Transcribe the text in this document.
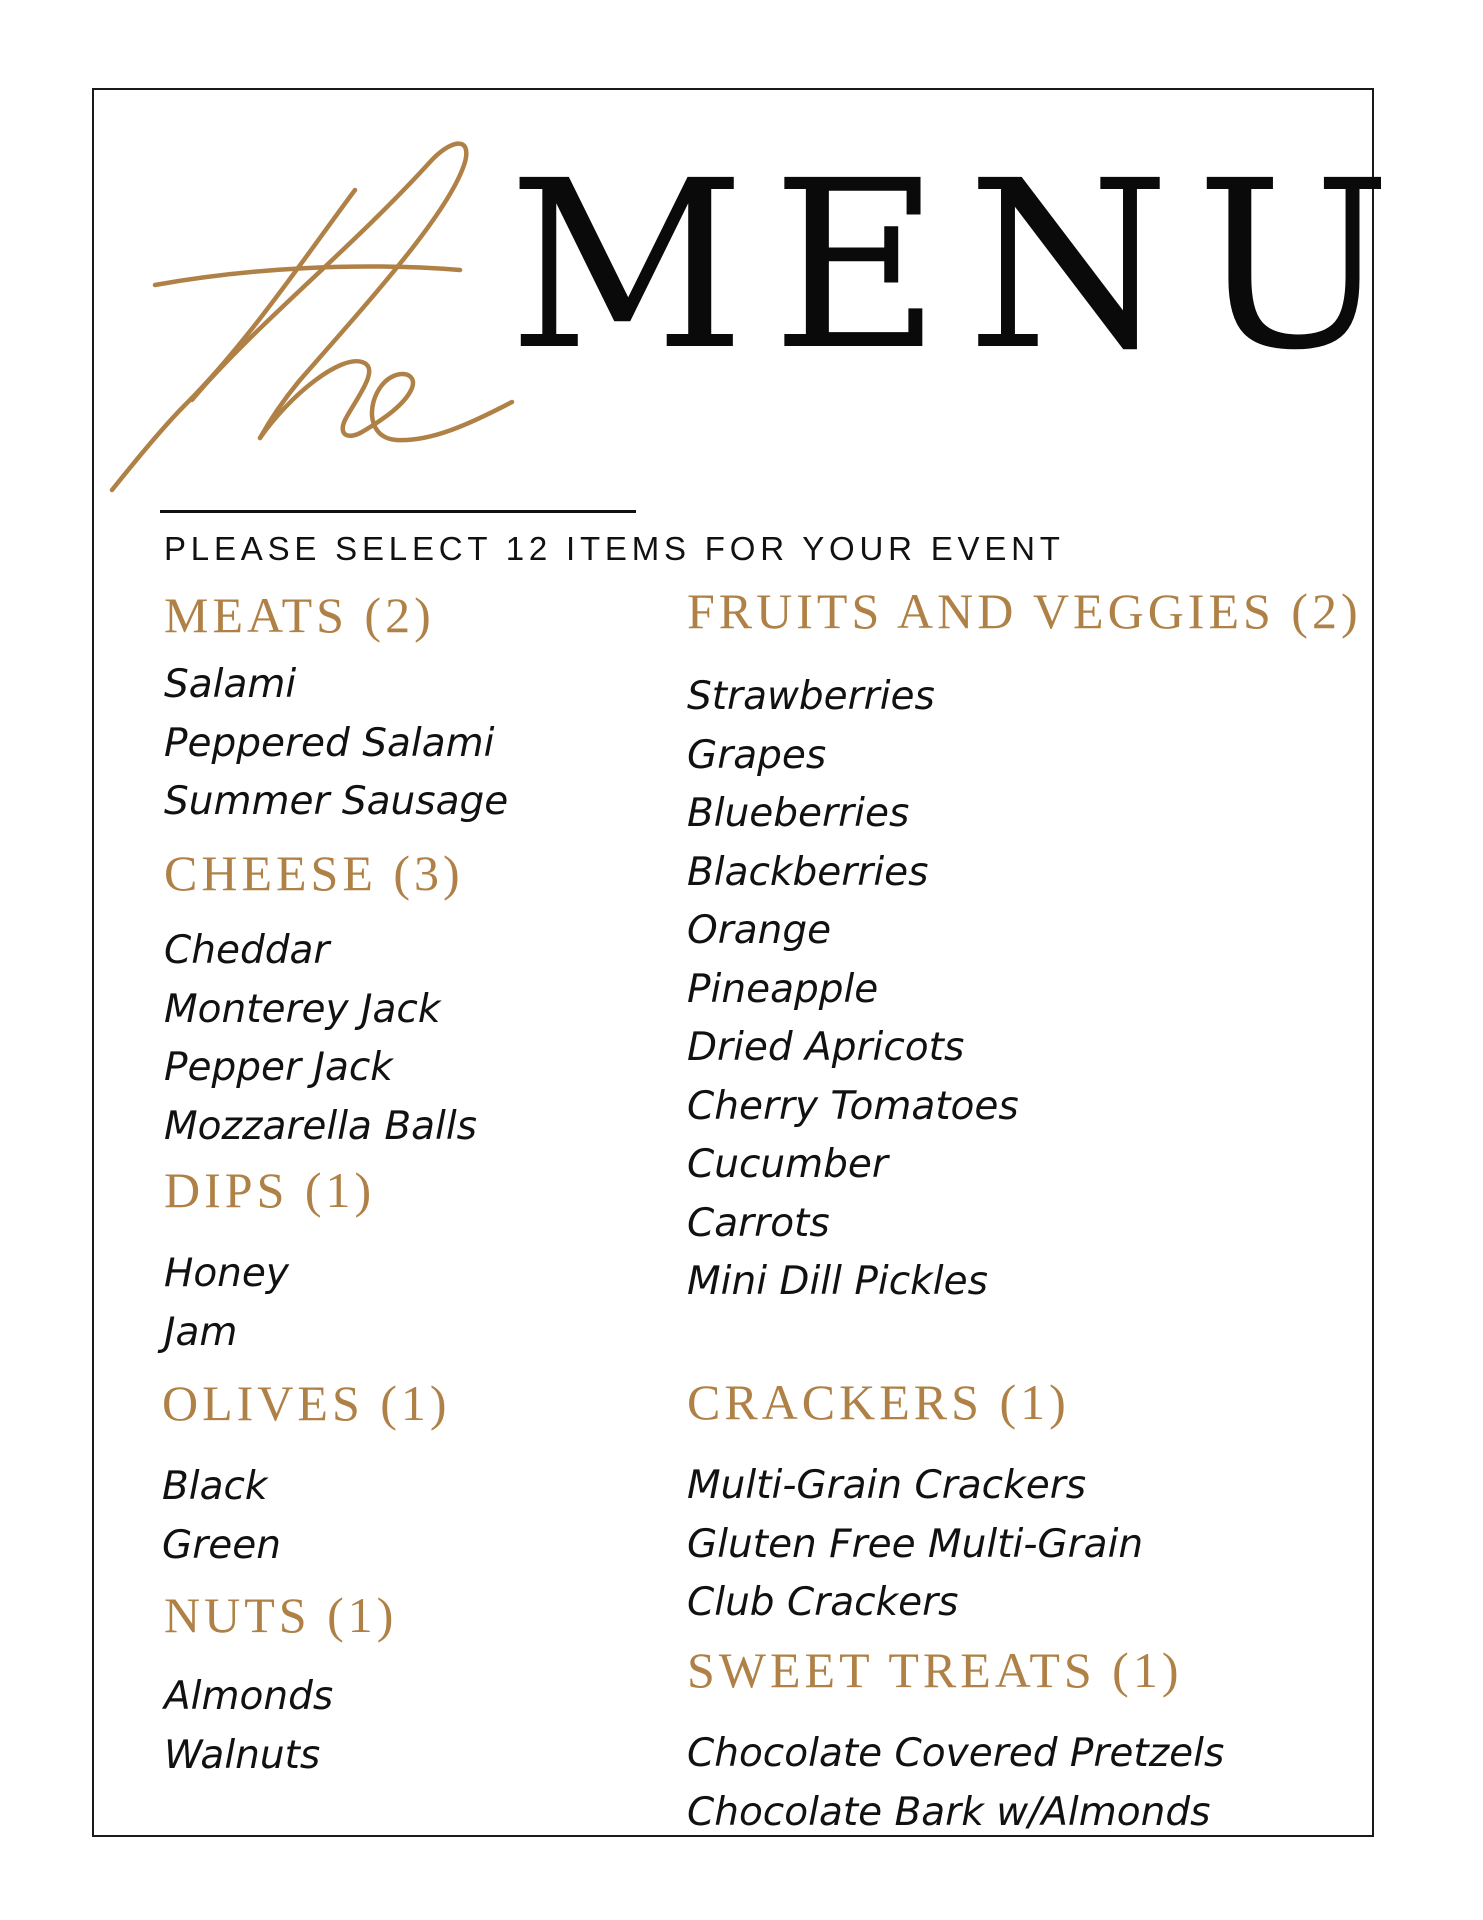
MENU
PLEASE SELECT 12 ITEMS FOR YOUR EVENT
MEATS (2)
Salami
Peppered Salami
Summer Sausage
CHEESE (3)
Cheddar
Monterey Jack
Pepper Jack
Mozzarella Balls
DIPS (1)
Honey
Jam
OLIVES (1)
Black
Green
NUTS (1)
Almonds
Walnuts
FRUITS AND VEGGIES (2)
Strawberries
Grapes
Blueberries
Blackberries
Orange
Pineapple
Dried Apricots
Cherry Tomatoes
Cucumber
Carrots
Mini Dill Pickles
CRACKERS (1)
Multi-Grain Crackers
Gluten Free Multi-Grain
Club Crackers
SWEET TREATS (1)
Chocolate Covered Pretzels
Chocolate Bark w/Almonds
